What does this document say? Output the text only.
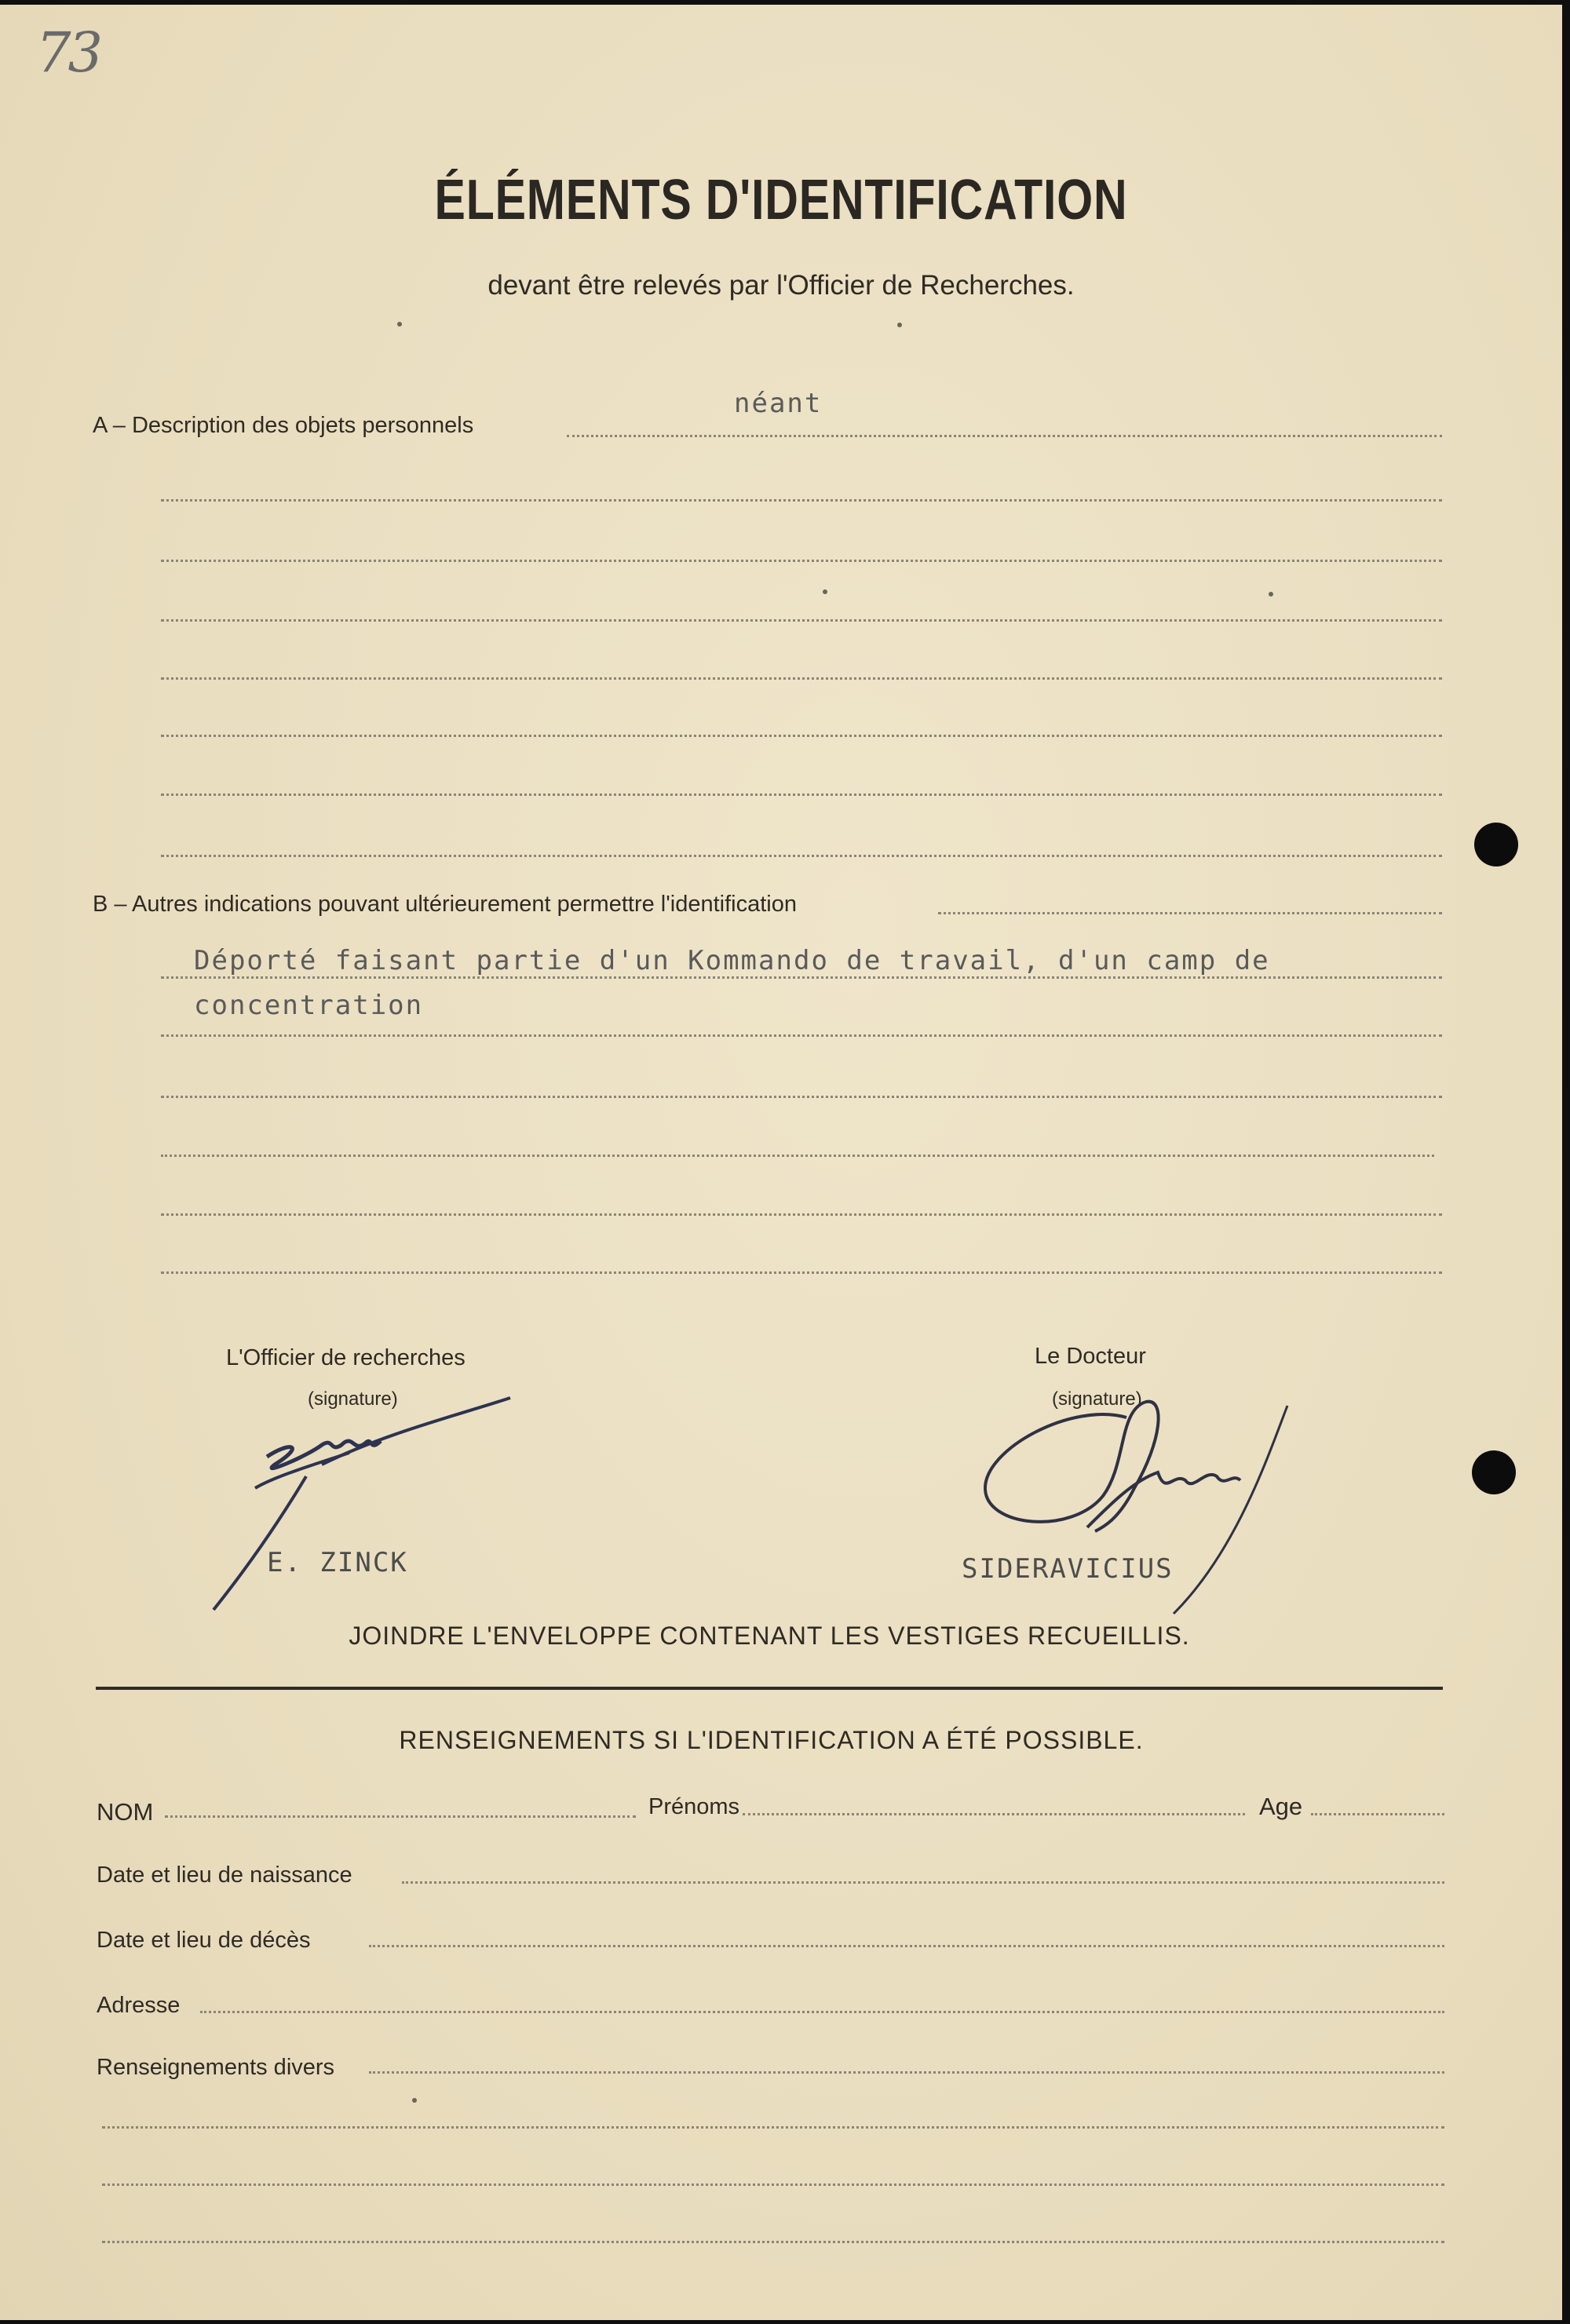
73
ÉLÉMENTS D'IDENTIFICATION
devant être relevés par l'Officier de Recherches.
A – Description des objets personnels
néant
B – Autres indications pouvant ultérieurement permettre l'identification
Déporté faisant partie d'un Kommando de travail, d'un camp de
concentration
L'Officier de recherches
(signature)
E. ZINCK
Le Docteur
(signature)
SIDERAVICIUS
JOINDRE L'ENVELOPPE CONTENANT LES VESTIGES RECUEILLIS.
RENSEIGNEMENTS SI L'IDENTIFICATION A ÉTÉ POSSIBLE.
NOM	Prénoms	Age
Date et lieu de naissance
Date et lieu de décès
Adresse
Renseignements divers
